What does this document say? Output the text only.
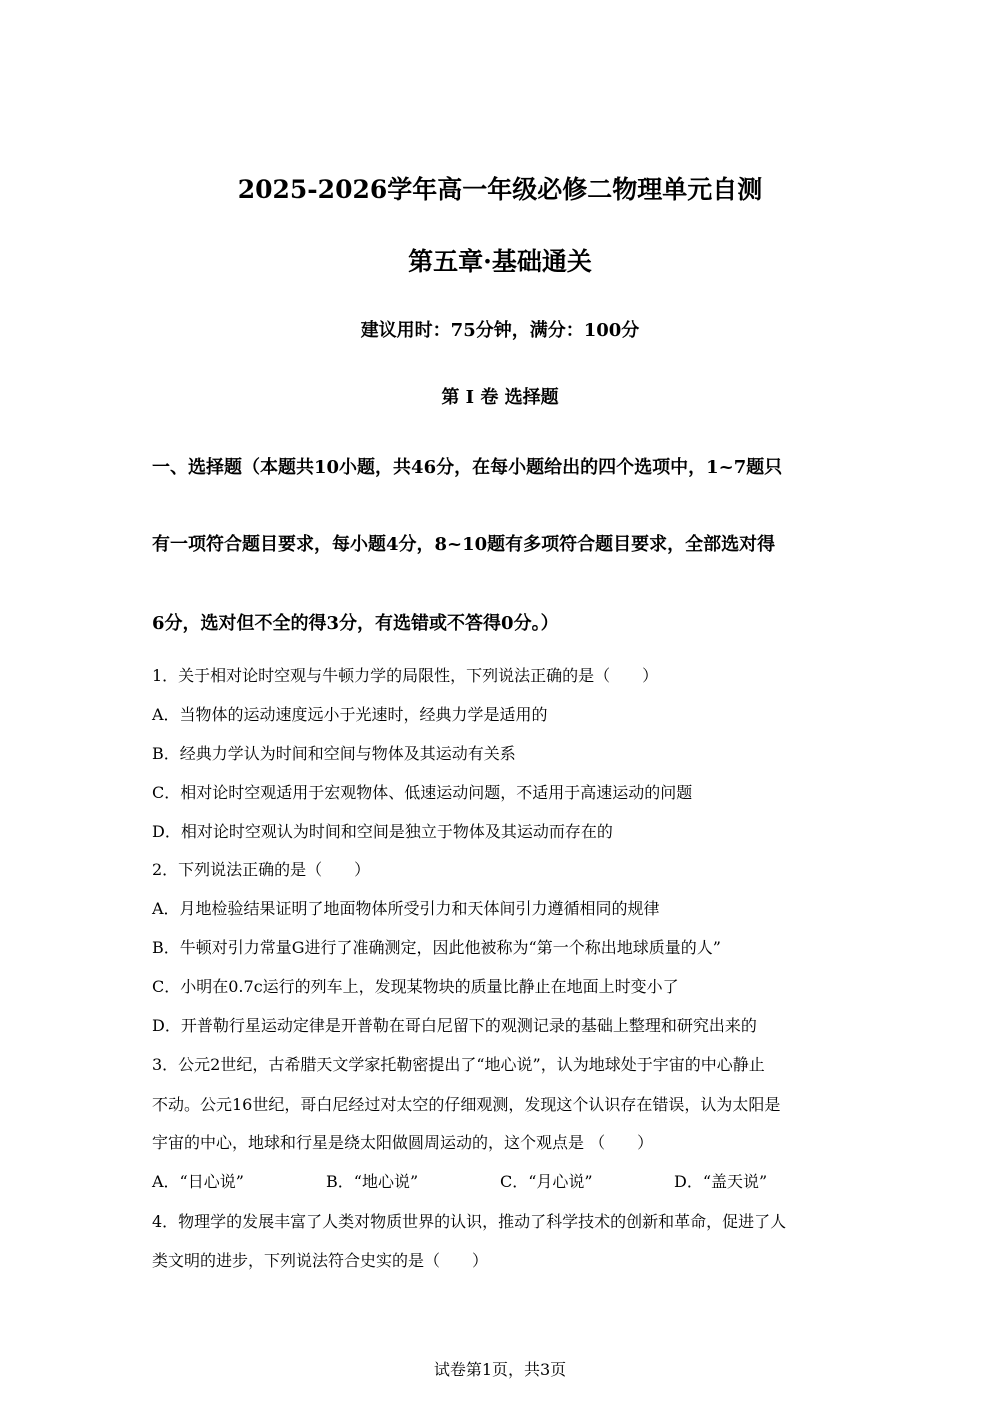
2025-2026学年高一年级必修二物理单元自测
第五章·基础通关
建议用时：75分钟，满分：100分
第 I 卷 选择题
一、选择题（本题共10小题，共46分，在每小题给出的四个选项中，1~7题只
有一项符合题目要求，每小题4分，8~10题有多项符合题目要求，全部选对得
6分，选对但不全的得3分，有选错或不答得0分。）
1．关于相对论时空观与牛顿力学的局限性，下列说法正确的是（　　）
A．当物体的运动速度远小于光速时，经典力学是适用的
B．经典力学认为时间和空间与物体及其运动有关系
C．相对论时空观适用于宏观物体、低速运动问题，不适用于高速运动的问题
D．相对论时空观认为时间和空间是独立于物体及其运动而存在的
2．下列说法正确的是（　　）
A．月地检验结果证明了地面物体所受引力和天体间引力遵循相同的规律
B．牛顿对引力常量G进行了准确测定，因此他被称为“第一个称出地球质量的人”
C．小明在0.7c运行的列车上，发现某物块的质量比静止在地面上时变小了
D．开普勒行星运动定律是开普勒在哥白尼留下的观测记录的基础上整理和研究出来的
3．公元2世纪，古希腊天文学家托勒密提出了“地心说”，认为地球处于宇宙的中心静止
不动。公元16世纪，哥白尼经过对太空的仔细观测，发现这个认识存在错误，认为太阳是
宇宙的中心，地球和行星是绕太阳做圆周运动的，这个观点是 （　　）
A．“日心说”	B．“地心说”	C．“月心说”	D．“盖天说”
4．物理学的发展丰富了人类对物质世界的认识，推动了科学技术的创新和革命，促进了人
类文明的进步，下列说法符合史实的是（　　）
试卷第1页，共3页
